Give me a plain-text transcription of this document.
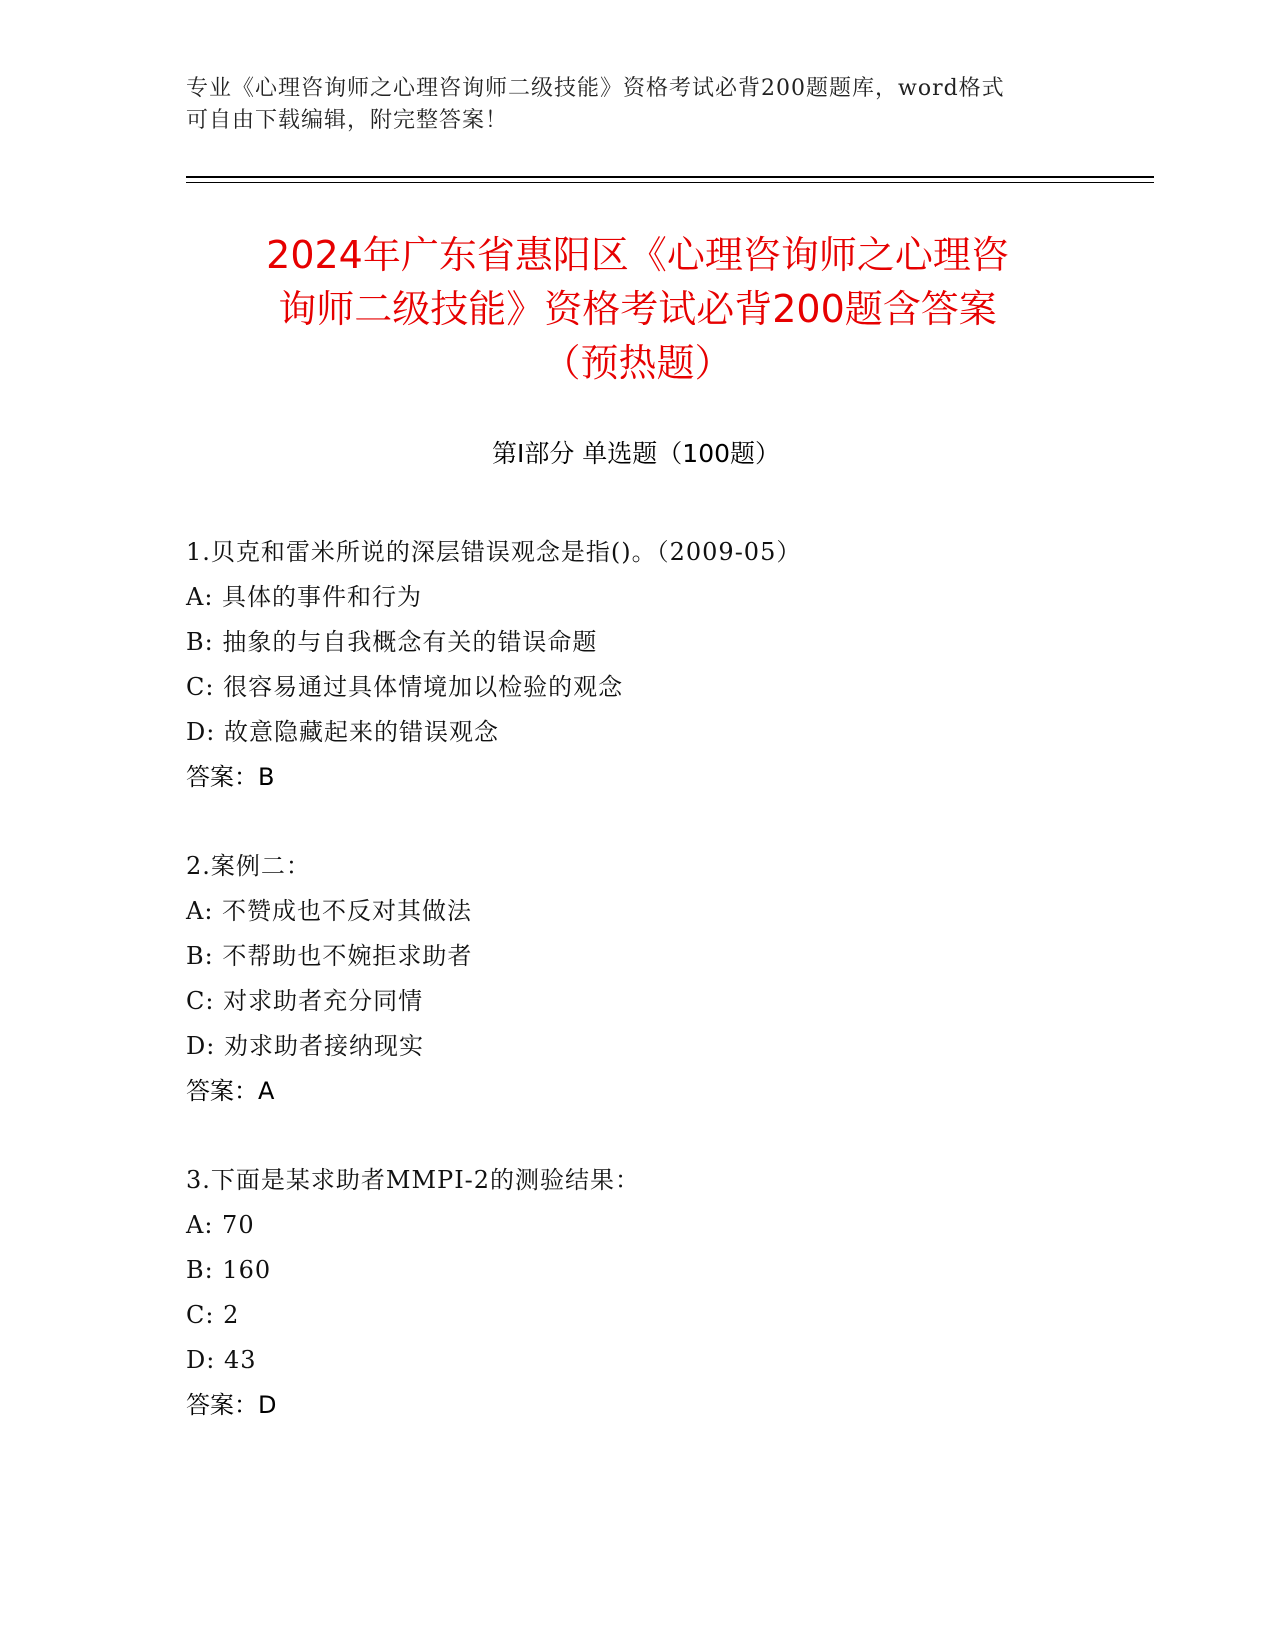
专业《心理咨询师之心理咨询师二级技能》资格考试必背200题题库，word格式
可自由下载编辑，附完整答案！
2024年广东省惠阳区《心理咨询师之心理咨
询师二级技能》资格考试必背200题含答案
（预热题）
第Ⅰ部分 单选题（100题）
1.贝克和雷米所说的深层错误观念是指()。（2009-05）
A: 具体的事件和行为
B: 抽象的与自我概念有关的错误命题
C: 很容易通过具体情境加以检验的观念
D: 故意隐藏起来的错误观念
答案：B
2.案例二：
A: 不赞成也不反对其做法
B: 不帮助也不婉拒求助者
C: 对求助者充分同情
D: 劝求助者接纳现实
答案：A
3.下面是某求助者MMPI-2的测验结果：
A: 70
B: 160
C: 2
D: 43
答案：D
